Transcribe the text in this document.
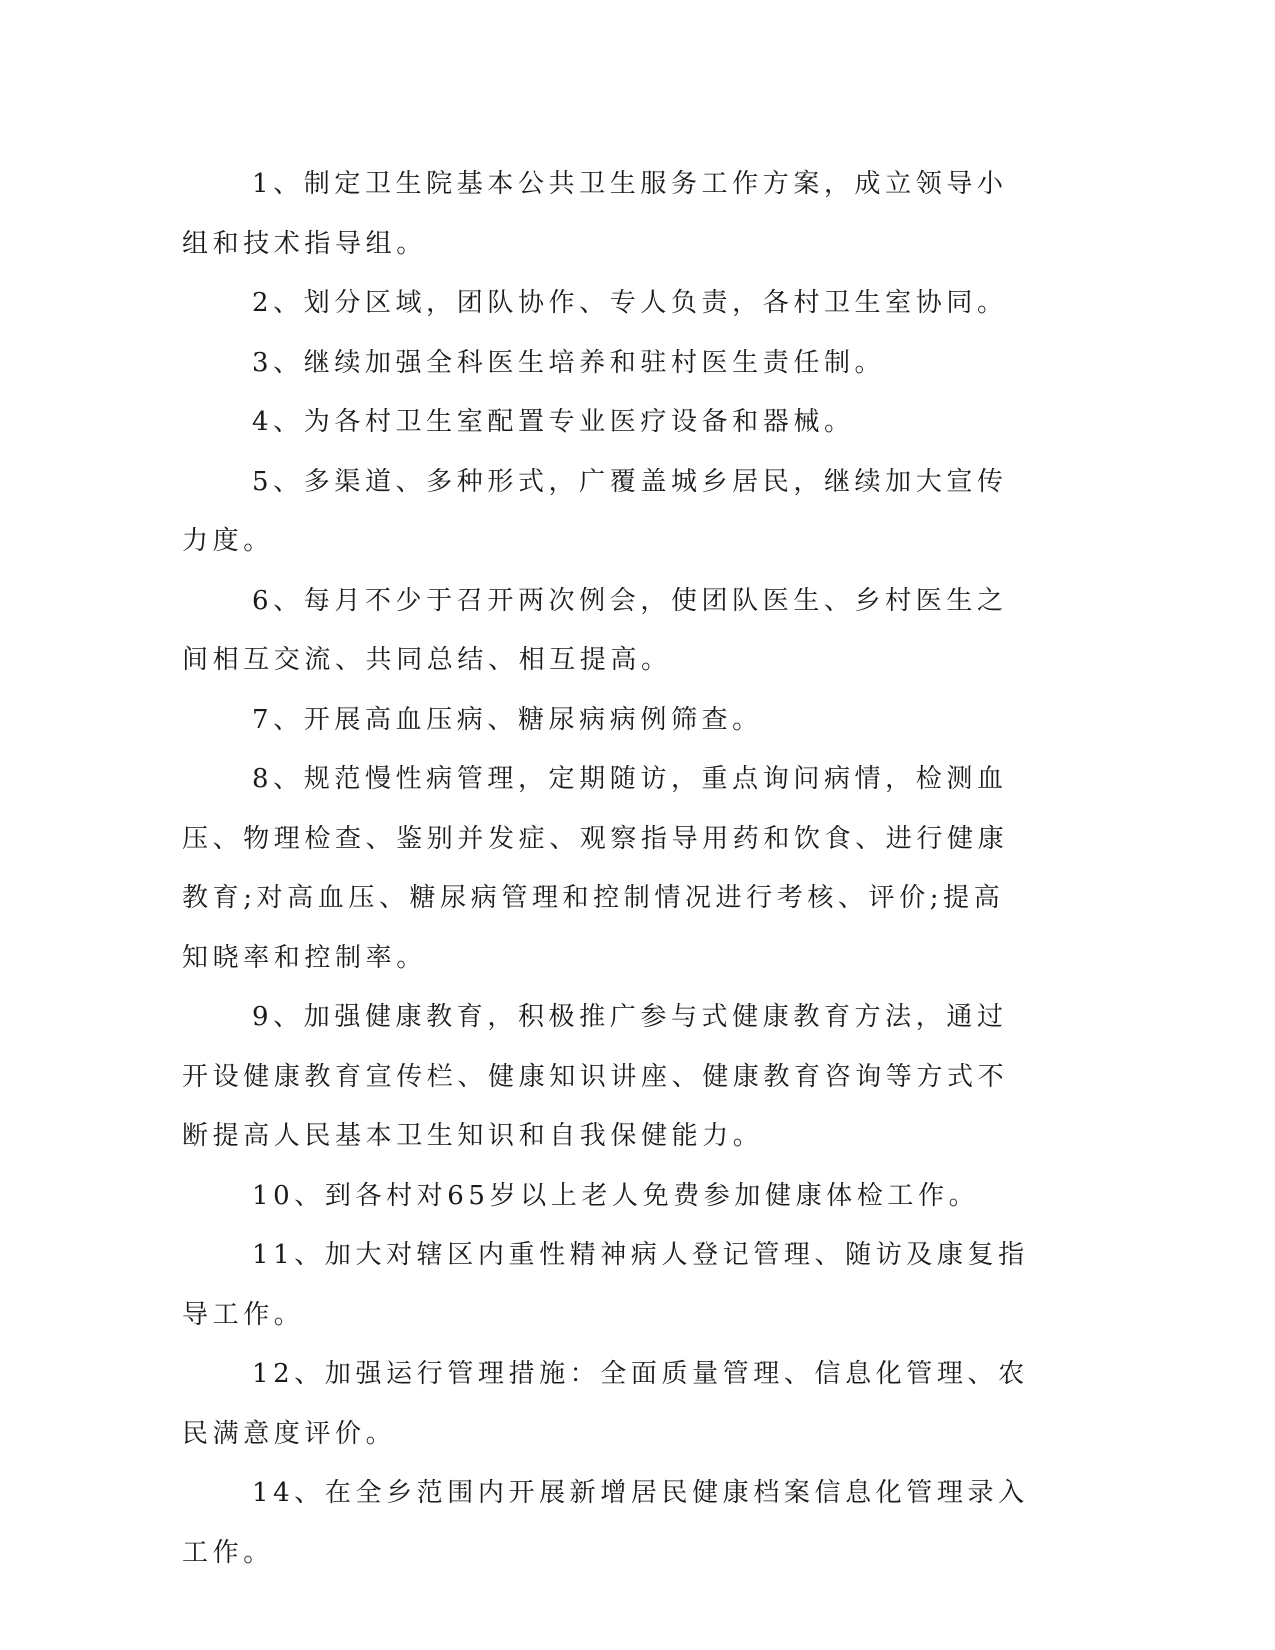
1、制定卫生院基本公共卫生服务工作方案，成立领导小组和技术指导组。

2、划分区域，团队协作、专人负责，各村卫生室协同。

3、继续加强全科医生培养和驻村医生责任制。

4、为各村卫生室配置专业医疗设备和器械。

5、多渠道、多种形式，广覆盖城乡居民，继续加大宣传力度。

6、每月不少于召开两次例会，使团队医生、乡村医生之间相互交流、共同总结、相互提高。

7、开展高血压病、糖尿病病例筛查。

8、规范慢性病管理，定期随访，重点询问病情，检测血压、物理检查、鉴别并发症、观察指导用药和饮食、进行健康教育;对高血压、糖尿病管理和控制情况进行考核、评价;提高知晓率和控制率。

9、加强健康教育，积极推广参与式健康教育方法，通过开设健康教育宣传栏、健康知识讲座、健康教育咨询等方式不断提高人民基本卫生知识和自我保健能力。

10、到各村对65岁以上老人免费参加健康体检工作。

11、加大对辖区内重性精神病人登记管理、随访及康复指导工作。

12、加强运行管理措施：全面质量管理、信息化管理、农民满意度评价。

14、在全乡范围内开展新增居民健康档案信息化管理录入工作。
